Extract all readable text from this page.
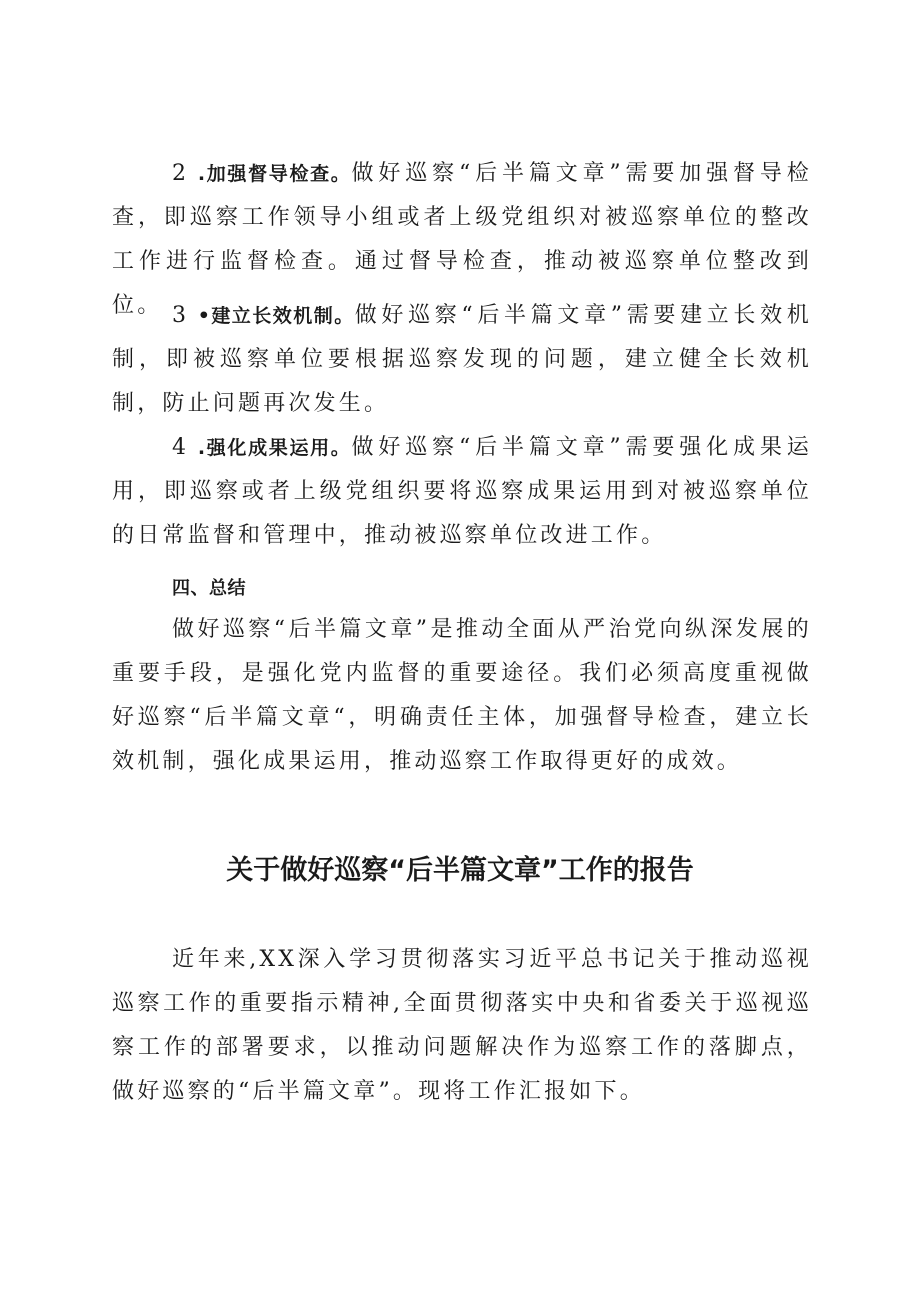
2 .加强督导检查。做好巡察“后半篇文章”需要加强督导检查，即巡察工作领导小组或者上级党组织对被巡察单位的整改工作进行监督检查。通过督导检查，推动被巡察单位整改到位。 3 •建立长效机制。做好巡察“后半篇文章”需要建立长效机制，即被巡察单位要根据巡察发现的问题，建立健全长效机制，防止问题再次发生。

4 .强化成果运用。做好巡察“后半篇文章”需要强化成果运用，即巡察或者上级党组织要将巡察成果运用到对被巡察单位的日常监督和管理中，推动被巡察单位改进工作。

四、总结

做好巡察“后半篇文章”是推动全面从严治党向纵深发展的重要手段，是强化党内监督的重要途径。我们必须高度重视做好巡察“后半篇文章“，明确责任主体，加强督导检查，建立长效机制，强化成果运用，推动巡察工作取得更好的成效。

关于做好巡察“后半篇文章”工作的报告

近年来,XX深入学习贯彻落实习近平总书记关于推动巡视巡察工作的重要指示精神,全面贯彻落实中央和省委关于巡视巡察工作的部署要求，以推动问题解决作为巡察工作的落脚点，做好巡察的“后半篇文章”。现将工作汇报如下。
